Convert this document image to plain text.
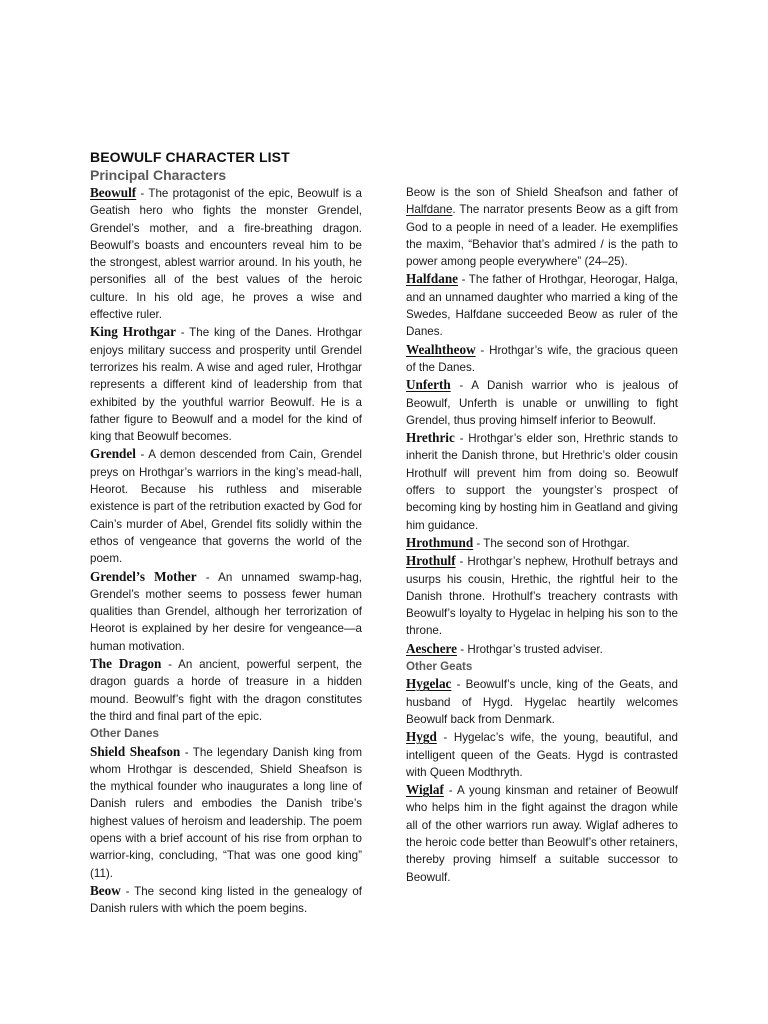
BEOWULF CHARACTER LIST
Principal Characters

Beowulf - The protagonist of the epic, Beowulf is a Geatish hero who fights the monster Grendel, Grendel’s mother, and a fire-breathing dragon. Beowulf’s boasts and encounters reveal him to be the strongest, ablest warrior around. In his youth, he personifies all of the best values of the heroic culture. In his old age, he proves a wise and effective ruler.

King Hrothgar - The king of the Danes. Hrothgar enjoys military success and prosperity until Grendel terrorizes his realm. A wise and aged ruler, Hrothgar represents a different kind of leadership from that exhibited by the youthful warrior Beowulf. He is a father figure to Beowulf and a model for the kind of king that Beowulf becomes.

Grendel - A demon descended from Cain, Grendel preys on Hrothgar’s warriors in the king’s mead-hall, Heorot. Because his ruthless and miserable existence is part of the retribution exacted by God for Cain’s murder of Abel, Grendel fits solidly within the ethos of vengeance that governs the world of the poem.

Grendel’s Mother - An unnamed swamp-hag, Grendel’s mother seems to possess fewer human qualities than Grendel, although her terrorization of Heorot is explained by her desire for vengeance—a human motivation.

The Dragon - An ancient, powerful serpent, the dragon guards a horde of treasure in a hidden mound. Beowulf’s fight with the dragon constitutes the third and final part of the epic.

Other Danes

Shield Sheafson - The legendary Danish king from whom Hrothgar is descended, Shield Sheafson is the mythical founder who inaugurates a long line of Danish rulers and embodies the Danish tribe’s highest values of heroism and leadership. The poem opens with a brief account of his rise from orphan to warrior-king, concluding, “That was one good king” (11).

Beow - The second king listed in the genealogy of Danish rulers with which the poem begins.

Beow is the son of Shield Sheafson and father of Halfdane. The narrator presents Beow as a gift from God to a people in need of a leader. He exemplifies the maxim, “Behavior that’s admired / is the path to power among people everywhere” (24–25).

Halfdane - The father of Hrothgar, Heorogar, Halga, and an unnamed daughter who married a king of the Swedes, Halfdane succeeded Beow as ruler of the Danes.

Wealhtheow - Hrothgar’s wife, the gracious queen of the Danes.

Unferth - A Danish warrior who is jealous of Beowulf, Unferth is unable or unwilling to fight Grendel, thus proving himself inferior to Beowulf.

Hrethric - Hrothgar’s elder son, Hrethric stands to inherit the Danish throne, but Hrethric’s older cousin Hrothulf will prevent him from doing so. Beowulf offers to support the youngster’s prospect of becoming king by hosting him in Geatland and giving him guidance.

Hrothmund - The second son of Hrothgar.

Hrothulf - Hrothgar’s nephew, Hrothulf betrays and usurps his cousin, Hrethic, the rightful heir to the Danish throne. Hrothulf’s treachery contrasts with Beowulf’s loyalty to Hygelac in helping his son to the throne.

Aeschere - Hrothgar’s trusted adviser.

Other Geats

Hygelac - Beowulf’s uncle, king of the Geats, and husband of Hygd. Hygelac heartily welcomes Beowulf back from Denmark.

Hygd - Hygelac’s wife, the young, beautiful, and intelligent queen of the Geats. Hygd is contrasted with Queen Modthryth.

Wiglaf - A young kinsman and retainer of Beowulf who helps him in the fight against the dragon while all of the other warriors run away. Wiglaf adheres to the heroic code better than Beowulf’s other retainers, thereby proving himself a suitable successor to Beowulf.
